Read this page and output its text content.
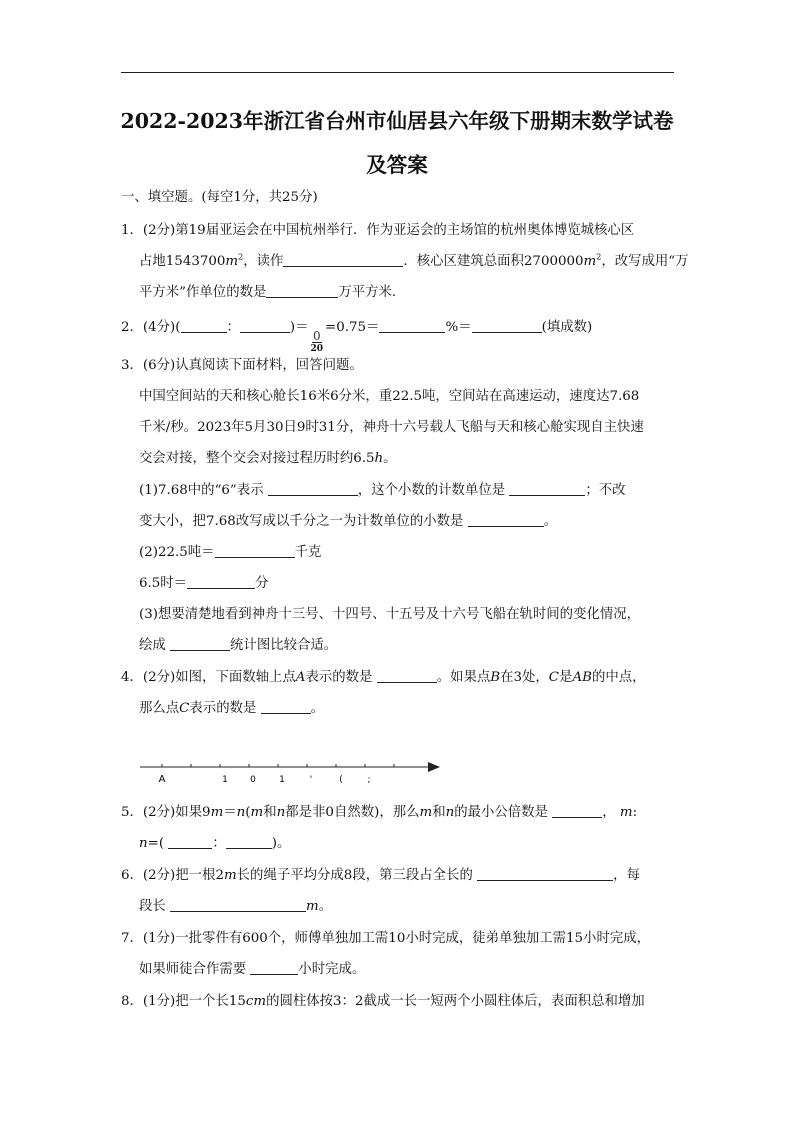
2022-2023年浙江省台州市仙居县六年级下册期末数学试卷
及答案
一、填空题。(每空1分，共25分)
1．(2分)第19届亚运会在中国杭州举行．作为亚运会的主场馆的杭州奥体博览城核心区
占地$1543700m^2$，读作	．核心区建筑总面积$2700000m^2$，改写成用“万
平方米”作单位的数是	万平方米．
2．(4分)(	：	)＝
$\frac{0}{20}$
=0.75＝	%＝	(填成数)
3．(6分)认真阅读下面材料，回答问题。
中国空间站的天和核心舱长16米6分米，重22.5吨，空间站在高速运动，速度达7.68
千米/秒。2023年5月30日9时31分，神舟十六号载人飞船与天和核心舱实现自主快速
交会对接，整个交会对接过程历时约6.5h。
(1)7.68中的“6”表示	，这个小数的计数单位是	；不改
变大小，把7.68改写成以千分之一为计数单位的小数是	。
(2)22.5吨＝	千克
6.5时＝	分
(3)想要清楚地看到神舟十三号、十四号、十五号及十六号飞船在轨时间的变化情况，
绘成	统计图比较合适。
4．(2分)如图，下面数轴上点A表示的数是	。如果点B在3处，C是AB的中点，
那么点C表示的数是	。
A	1 0	1	'	(	;
5．(2分)如果9m＝n(m和n都是非0自然数)，那么m和n的最小公倍数是	， m:
n=(	：	)。
6．(2分)把一根2m长的绳子平均分成8段，第三段占全长的	，每
段长	m。
7．(1分)一批零件有600个，师傅单独加工需10小时完成，徒弟单独加工需15小时完成，
如果师徒合作需要	小时完成。
8．(1分)把一个长15cm的圆柱体按3：2截成一长一短两个小圆柱体后，表面积总和增加
